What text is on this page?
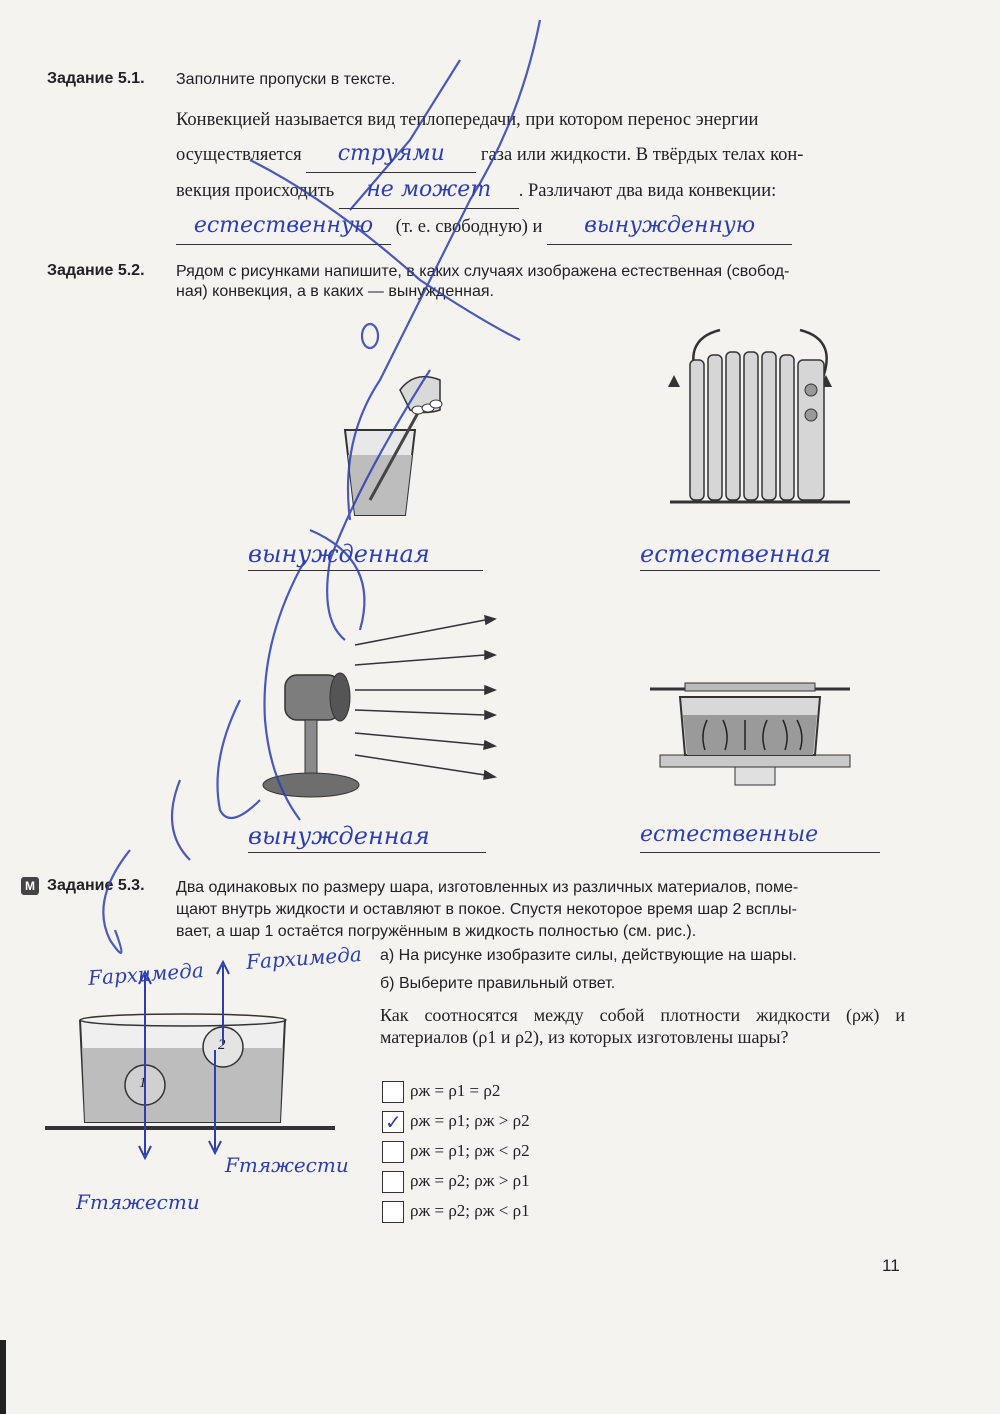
Задание 5.1. Заполните пропуски в тексте.
Конвекцией называется вид теплопередачи, при котором перенос энергии
осуществляется струями газа или жидкости. В твёрдых телах кон-
векция происходить не может . Различают два вида конвекции:
естественную (т. е. свободную) и вынужденную
Задание 5.2. Рядом с рисунками напишите, в каких случаях изображена естественная (свобод-
ная) конвекция, а в каких — вынужденная.
вынужденная	естественная
вынужденная	естественные
М Задание 5.3. Два одинаковых по размеру шара, изготовленных из различных материалов, поме-
щают внутрь жидкости и оставляют в покое. Спустя некоторое время шар 2 всплы-
вает, а шар 1 остаётся погружённым в жидкость полностью (см. рис.).
а) На рисунке изобразите силы, действующие на шары.
б) Выберите правильный ответ.
Как соотносятся между собой плотности жидкости (ρж) и материалов (ρ1 и ρ2), из которых изготовлены шары?
ρж = ρ1 = ρ2
✓ ρж = ρ1; ρж > ρ2
ρж = ρ1; ρж < ρ2
ρж = ρ2; ρж > ρ1
ρж = ρ2; ρж < ρ1
1
2
Fархимеда Fархимеда
Fтяжести
Fтяжести
11
